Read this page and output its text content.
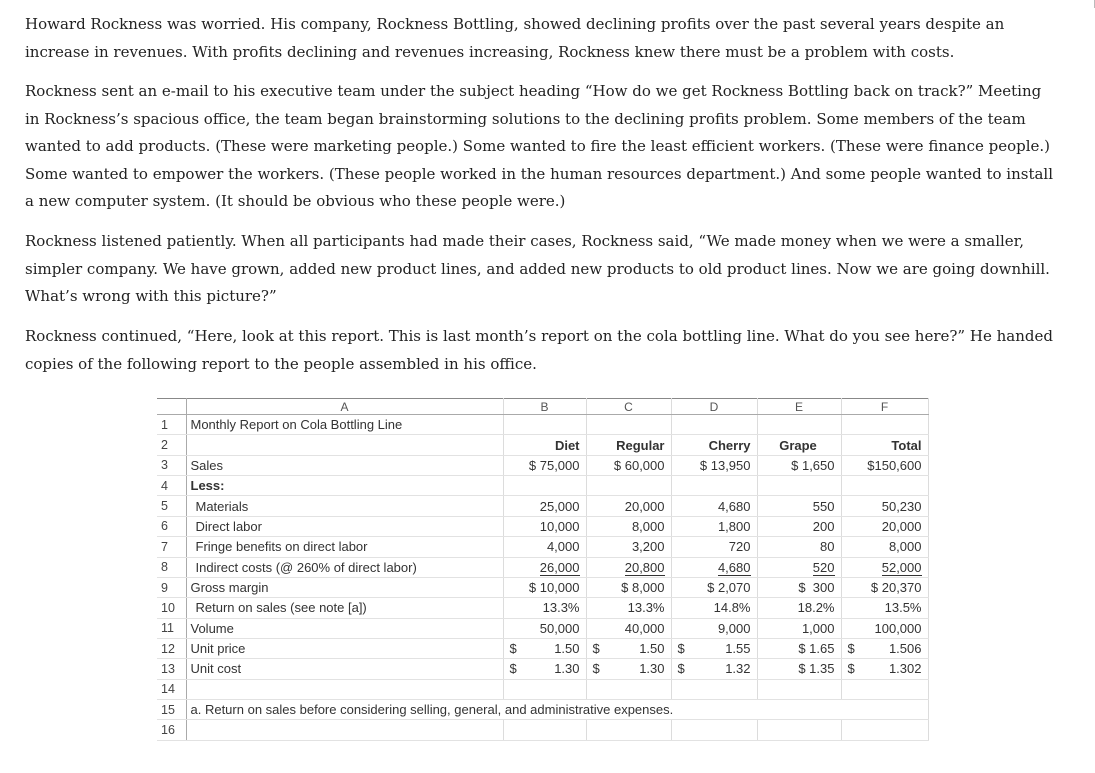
Howard Rockness was worried. His company, Rockness Bottling, showed declining profits over the past several years despite an increase in revenues. With profits declining and revenues increasing, Rockness knew there must be a problem with costs.

Rockness sent an e-mail to his executive team under the subject heading “How do we get Rockness Bottling back on track?” Meeting in Rockness’s spacious office, the team began brainstorming solutions to the declining profits problem. Some members of the team wanted to add products. (These were marketing people.) Some wanted to fire the least efficient workers. (These were finance people.) Some wanted to empower the workers. (These people worked in the human resources department.) And some people wanted to install a new computer system. (It should be obvious who these people were.)

Rockness listened patiently. When all participants had made their cases, Rockness said, “We made money when we were a smaller, simpler company. We have grown, added new product lines, and added new products to old product lines. Now we are going downhill. What’s wrong with this picture?”

Rockness continued, “Here, look at this report. This is last month’s report on the cola bottling line. What do you see here?” He handed copies of the following report to the people assembled in his office.

	A	B	C	D	E	F
1	Monthly Report on Cola Bottling Line					
2		Diet	Regular	Cherry	Grape	Total
3	Sales	$ 75,000	$ 60,000	$ 13,950	$ 1,650	$150,600
4	Less:					
5	Materials	25,000	20,000	4,680	550	50,230
6	Direct labor	10,000	8,000	1,800	200	20,000
7	Fringe benefits on direct labor	4,000	3,200	720	80	8,000
8	Indirect costs (@ 260% of direct labor)	26,000	20,800	4,680	520	52,000
9	Gross margin	$ 10,000	$ 8,000	$ 2,070	$  300	$ 20,370
10	Return on sales (see note [a])	13.3%	13.3%	14.8%	18.2%	13.5%
11	Volume	50,000	40,000	9,000	1,000	100,000
12	Unit price	$ 1.50	$ 1.50	$ 1.55	$ 1.65	$ 1.506
13	Unit cost	$ 1.30	$ 1.30	$ 1.32	$ 1.35	$ 1.302
14						
15	a. Return on sales before considering selling, general, and administrative expenses.					
16						
